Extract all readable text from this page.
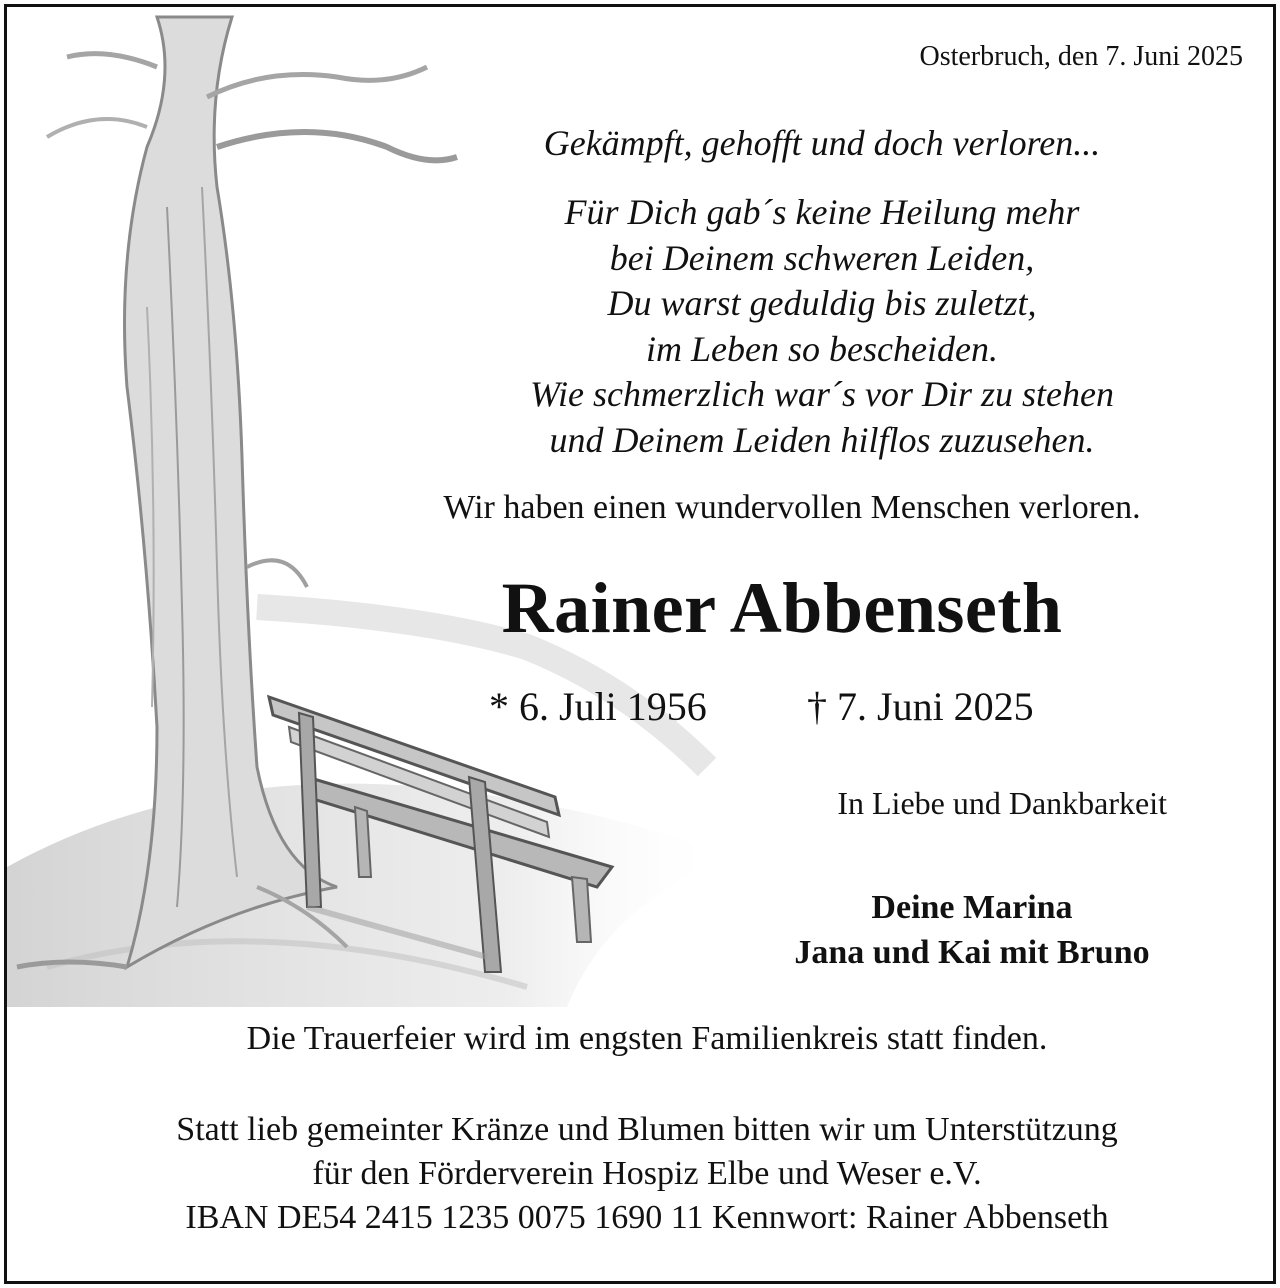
Osterbruch, den 7. Juni 2025
Gekämpft, gehofft und doch verloren...
Für Dich gab´s keine Heilung mehr
bei Deinem schweren Leiden,
Du warst geduldig bis zuletzt,
im Leben so bescheiden.
Wie schmerzlich war´s vor Dir zu stehen
und Deinem Leiden hilflos zuzusehen.
Wir haben einen wundervollen Menschen verloren.
Rainer Abbenseth
* 6. Juli 1956	† 7. Juni 2025
In Liebe und Dankbarkeit
Deine Marina
Jana und Kai mit Bruno
Die Trauerfeier wird im engsten Familienkreis statt finden.
Statt lieb gemeinter Kränze und Blumen bitten wir um Unterstützung
für den Förderverein Hospiz Elbe und Weser e.V.
IBAN DE54 2415 1235 0075 1690 11 Kennwort: Rainer Abbenseth
